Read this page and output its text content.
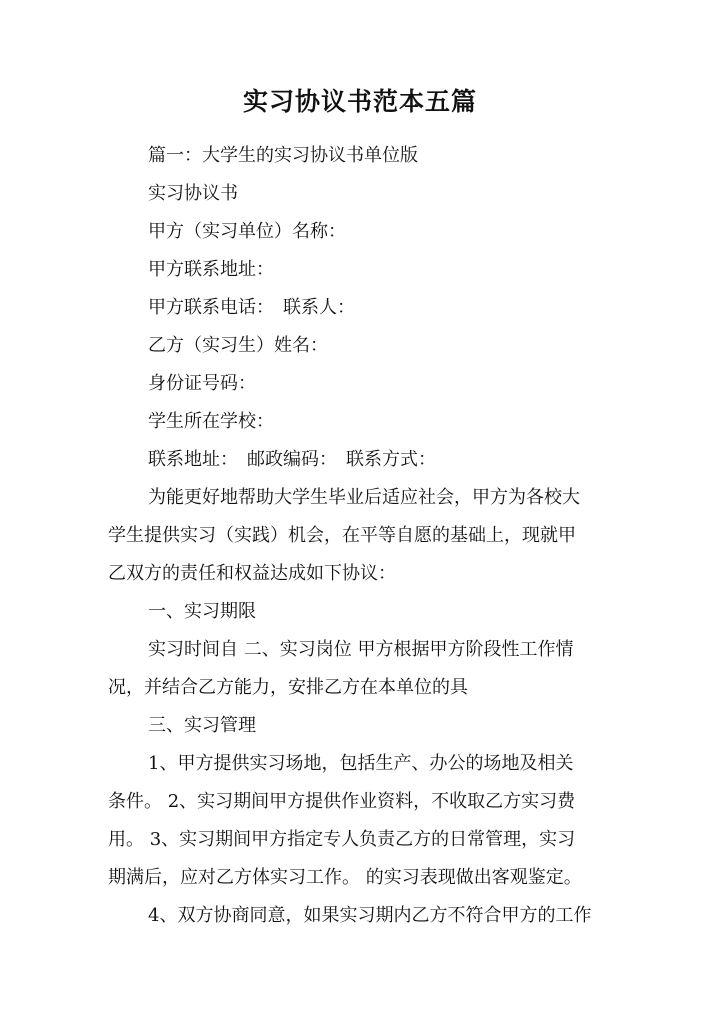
实习协议书范本五篇
篇一：大学生的实习协议书单位版
实习协议书
甲方（实习单位）名称：
甲方联系地址：
甲方联系电话：　联系人：
乙方（实习生）姓名：
身份证号码：
学生所在学校：
联系地址：　邮政编码：　联系方式：
为能更好地帮助大学生毕业后适应社会，甲方为各校大
学生提供实习（实践）机会，在平等自愿的基础上，现就甲
乙双方的责任和权益达成如下协议：
一、实习期限
实习时间自 二、实习岗位 甲方根据甲方阶段性工作情
况，并结合乙方能力，安排乙方在本单位的具
三、实习管理
1、甲方提供实习场地，包括生产、办公的场地及相关
条件。 2、实习期间甲方提供作业资料，不收取乙方实习费
用。 3、实习期间甲方指定专人负责乙方的日常管理，实习
期满后，应对乙方体实习工作。 的实习表现做出客观鉴定。
4、双方协商同意，如果实习期内乙方不符合甲方的工作
